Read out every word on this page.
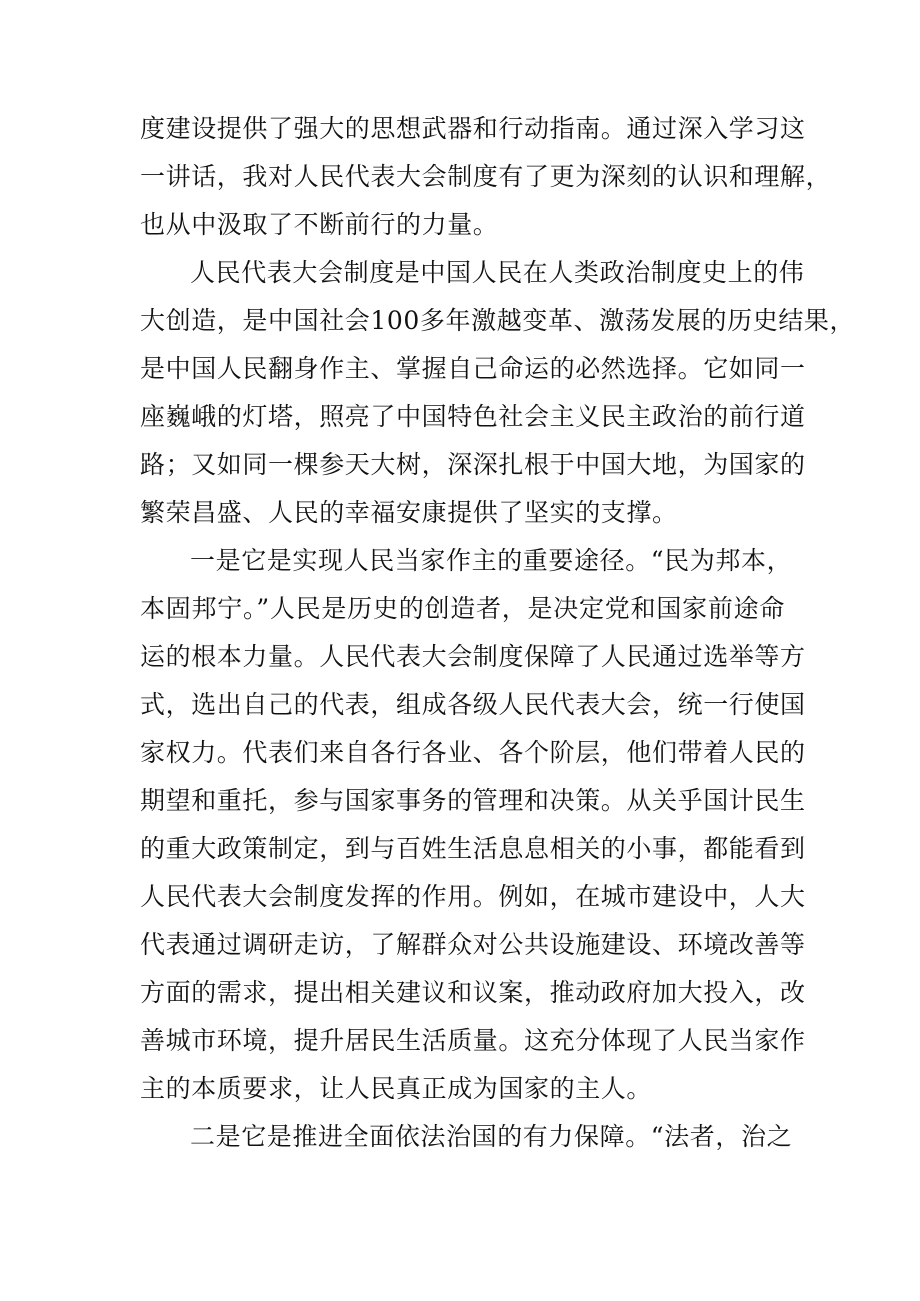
度建设提供了强大的思想武器和行动指南。通过深入学习这
一讲话，我对人民代表大会制度有了更为深刻的认识和理解，
也从中汲取了不断前行的力量。
人民代表大会制度是中国人民在人类政治制度史上的伟
大创造，是中国社会100多年激越变革、激荡发展的历史结果，
是中国人民翻身作主、掌握自己命运的必然选择。它如同一
座巍峨的灯塔，照亮了中国特色社会主义民主政治的前行道
路；又如同一棵参天大树，深深扎根于中国大地，为国家的
繁荣昌盛、人民的幸福安康提供了坚实的支撑。
一是它是实现人民当家作主的重要途径。“民为邦本，
本固邦宁。”人民是历史的创造者，是决定党和国家前途命
运的根本力量。人民代表大会制度保障了人民通过选举等方
式，选出自己的代表，组成各级人民代表大会，统一行使国
家权力。代表们来自各行各业、各个阶层，他们带着人民的
期望和重托，参与国家事务的管理和决策。从关乎国计民生
的重大政策制定，到与百姓生活息息相关的小事，都能看到
人民代表大会制度发挥的作用。例如，在城市建设中，人大
代表通过调研走访，了解群众对公共设施建设、环境改善等
方面的需求，提出相关建议和议案，推动政府加大投入，改
善城市环境，提升居民生活质量。这充分体现了人民当家作
主的本质要求，让人民真正成为国家的主人。
二是它是推进全面依法治国的有力保障。“法者，治之
